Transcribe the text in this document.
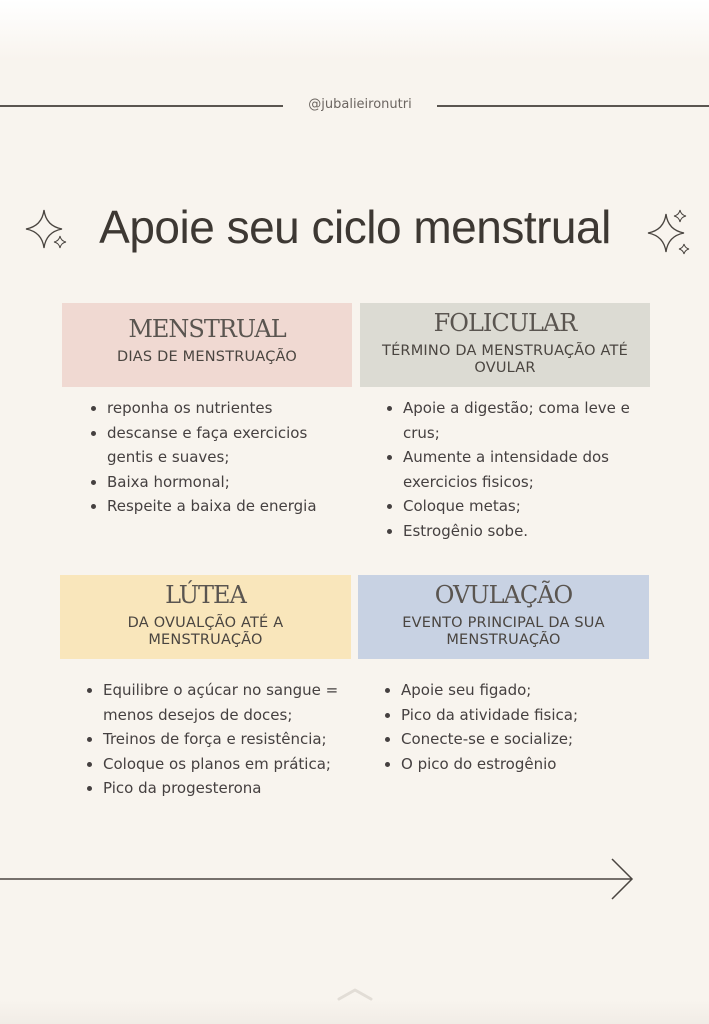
@jubalieironutri
Apoie seu ciclo menstrual
MENSTRUAL
DIAS DE MENSTRUAÇÃO
reponha os nutrientes
descanse e faça exercicios gentis e suaves;
Baixa hormonal;
Respeite a baixa de energia
FOLICULAR
TÉRMINO DA MENSTRUAÇÃO ATÉ OVULAR
Apoie a digestão; coma leve e crus;
Aumente a intensidade dos exercicios fisicos;
Coloque metas;
Estrogênio sobe.
LÚTEA
DA OVUALÇÃO ATÉ A MENSTRUAÇÃO
Equilibre o açúcar no sangue = menos desejos de doces;
Treinos de força e resistência;
Coloque os planos em prática;
Pico da progesterona
OVULAÇÃO
EVENTO PRINCIPAL DA SUA MENSTRUAÇÃO
Apoie seu figado;
Pico da atividade fisica;
Conecte-se e socialize;
O pico do estrogênio
